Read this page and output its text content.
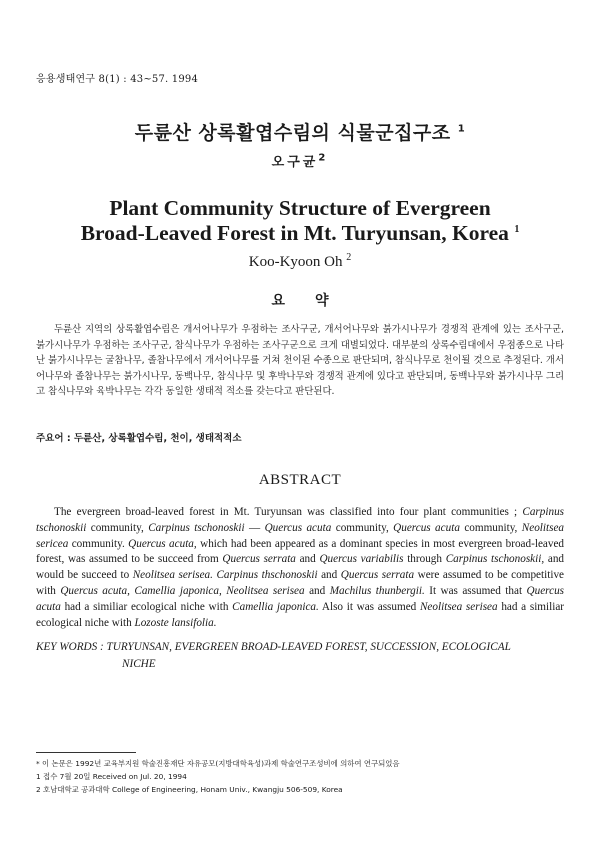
응용생태연구 8(1) : 43~57. 1994
두륜산 상록활엽수림의 식물군집구조 $^1$
오구균$^2$
Plant Community Structure of Evergreen
Broad-Leaved Forest in Mt. Turyunsan, Korea $^1$
Koo-Kyoon Oh $^2$
요약
두륜산 지역의 상록활엽수림은 개서어나무가 우점하는 조사구군, 개서어나무와 붉가시나무가 경쟁적 관계에 있는 조사구군, 붉가시나무가 우점하는 조사구군, 참식나무가 우점하는 조사구군으로 크게 대별되었다. 대부분의 상록수림대에서 우점종으로 나타난 붉가시나무는 굴참나무, 졸참나무에서 개서어나무를 거쳐 천이된 수종으로 판단되며, 참식나무로 천이될 것으로 추정된다. 개서어나무와 졸참나무는 붉가시나무, 동백나무, 참식나무 및 후박나무와 경쟁적 관계에 있다고 판단되며, 동백나무와 붉가시나무 그리고 참식나무와 육박나무는 각각 동일한 생태적 적소를 갖는다고 판단된다.
주요어 : 두륜산, 상록활엽수림, 천이, 생태적적소
ABSTRACT
The evergreen broad-leaved forest in Mt. Turyunsan was classified into four plant communities ; Carpinus tschonoskii community, Carpinus tschonoskii — Quercus acuta community, Quercus acuta community, Neolitsea sericea community. Quercus acuta, which had been appeared as a dominant species in most evergreen broad-leaved forest, was assumed to be succeed from Quercus serrata and Quercus variabilis through Carpinus tschonoskii, and would be succeed to Neolitsea serisea. Carpinus thschonoskii and Quercus serrata were assumed to be competitive with Quercus acuta, Camellia japonica, Neolitsea serisea and Machilus thunbergii. It was assumed that Quercus acuta had a similiar ecological niche with Camellia japonica. Also it was assumed Neolitsea serisea had a similiar ecological niche with Lozoste lansifolia.
KEY WORDS : TURYUNSAN, EVERGREEN BROAD-LEAVED FOREST, SUCCESSION, ECOLOGICAL
NICHE
* 이 논문은 1992년 교육부지원 학술진흥재단 자유공모(지방대학육성)과제 학술연구조성비에 의하여 연구되었음
1 접수 7월 20일 Received on Jul. 20, 1994
2 호남대학교 공과대학 College of Engineering, Honam Univ., Kwangju 506-509, Korea
